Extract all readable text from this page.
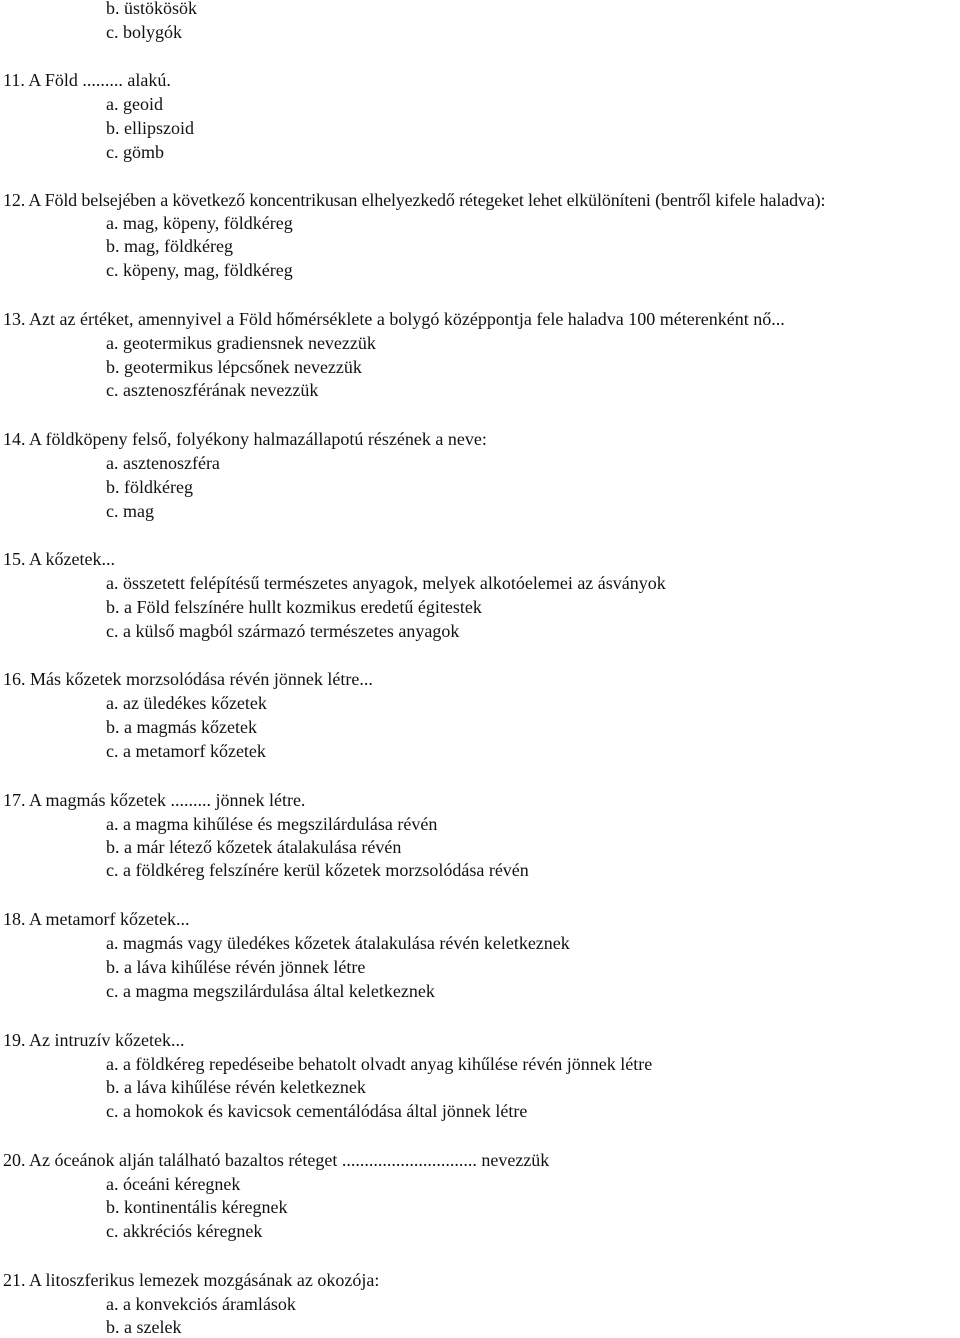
b. üstökösök
c. bolygók
11. A Föld ......... alakú.
a. geoid
b. ellipszoid
c. gömb
12. A Föld belsejében a következő koncentrikusan elhelyezkedő rétegeket lehet elkülöníteni (bentről kifele haladva):
a. mag, köpeny, földkéreg
b. mag, földkéreg
c. köpeny, mag, földkéreg
13. Azt az értéket, amennyivel a Föld hőmérséklete a bolygó középpontja fele haladva 100 méterenként nő...
a. geotermikus gradiensnek nevezzük
b. geotermikus lépcsőnek nevezzük
c. asztenoszférának nevezzük
14. A földköpeny felső, folyékony halmazállapotú részének a neve:
a. asztenoszféra
b. földkéreg
c. mag
15. A kőzetek...
a. összetett felépítésű természetes anyagok, melyek alkotóelemei az ásványok
b. a Föld felszínére hullt kozmikus eredetű égitestek
c. a külső magból származó természetes anyagok
16. Más kőzetek morzsolódása révén jönnek létre...
a. az üledékes kőzetek
b. a magmás kőzetek
c. a metamorf kőzetek
17. A magmás kőzetek ......... jönnek létre.
a. a magma kihűlése és megszilárdulása révén
b. a már létező kőzetek átalakulása révén
c. a földkéreg felszínére kerül kőzetek morzsolódása révén
18. A metamorf kőzetek...
a. magmás vagy üledékes kőzetek átalakulása révén keletkeznek
b. a láva kihűlése révén jönnek létre
c. a magma megszilárdulása által keletkeznek
19. Az intruzív kőzetek...
a. a földkéreg repedéseibe behatolt olvadt anyag kihűlése révén jönnek létre
b. a láva kihűlése révén keletkeznek
c. a homokok és kavicsok cementálódása által jönnek létre
20. Az óceánok alján található bazaltos réteget .............................. nevezzük
a. óceáni kéregnek
b. kontinentális kéregnek
c. akkréciós kéregnek
21. A litoszferikus lemezek mozgásának az okozója:
a. a konvekciós áramlások
b. a szelek
